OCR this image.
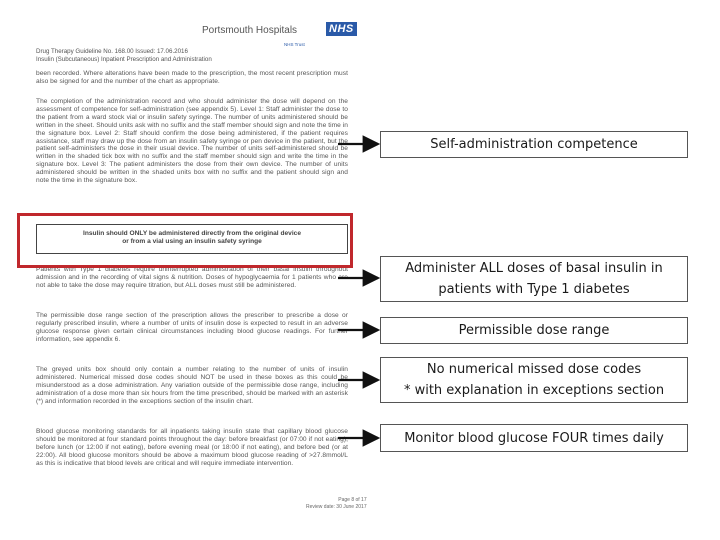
Portsmouth Hospitals	NHS
NHS Trust
Drug Therapy Guideline No. 168.00 Issued: 17.06.2016
Insulin (Subcutaneous) Inpatient Prescription and Administration
been recorded. Where alterations have been made to the prescription, the most recent prescription must also be signed for and the number of the chart as appropriate.
The completion of the administration record and who should administer the dose will depend on the assessment of competence for self-administration (see appendix 5). Level 1: Staff administer the dose to the patient from a ward stock vial or insulin safety syringe. The number of units administered should be written in the sheet. Should units ask with no suffix and the staff member should sign and note the time in the signature box. Level 2: Staff should confirm the dose being administered, if the patient requires assistance, staff may draw up the dose from an insulin safety syringe or pen device in the patient, but the patient self-administers the dose in their usual device. The number of units self-administered should be written in the shaded tick box with no suffix and the staff member should sign and write the time in the signature box. Level 3: The patient administers the dose from their own device. The number of units administered should be written in the shaded units box with no suffix and the patient should sign and note the time in the signature box.
Insulin should ONLY be administered directly from the original device
or from a vial using an insulin safety syringe
Patients with Type 1 diabetes require uninterrupted administration of their basal insulin throughout admission and in the recording of vital signs & nutrition. Doses of hypoglycaemia for 1 patients who are not able to take the dose may require titration, but ALL doses must still be administered.
The permissible dose range section of the prescription allows the prescriber to prescribe a dose or regularly prescribed insulin, where a number of units of insulin dose is expected to result in an adverse glucose response given certain clinical circumstances including blood glucose readings. For further information, see appendix 6.
The greyed units box should only contain a number relating to the number of units of insulin administered. Numerical missed dose codes should NOT be used in these boxes as this could be misunderstood as a dose administration. Any variation outside of the permissible dose range, including administration of a dose more than six hours from the time prescribed, should be marked with an asterisk (*) and information recorded in the exceptions section of the insulin chart.
Blood glucose monitoring standards for all inpatients taking insulin state that capillary blood glucose should be monitored at four standard points throughout the day: before breakfast (or 07:00 if not eating), before lunch (or 12:00 if not eating), before evening meal (or 18:00 if not eating), and before bed (or at 22:00). All blood glucose monitors should be above a maximum blood glucose reading of >27.8mmol/L as this is indicative that blood levels are critical and will require immediate intervention.
Page 8 of 17
Review date: 30 June 2017
Self-administration competence
Administer ALL doses of basal insulin in
patients with Type 1 diabetes
Permissible dose range
No numerical missed dose codes
* with explanation in exceptions section
Monitor blood glucose FOUR times daily
